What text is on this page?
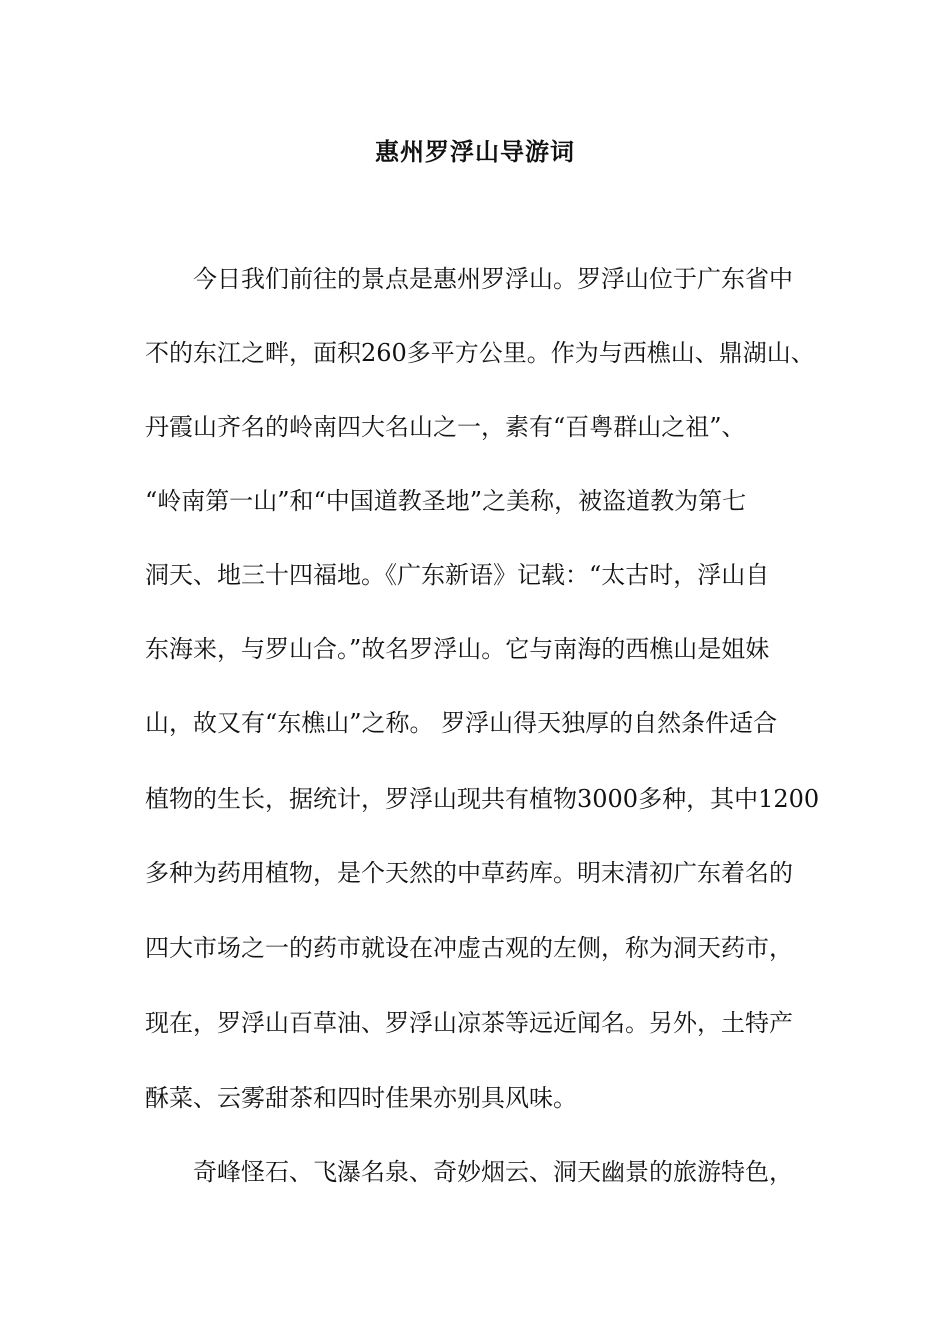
惠州罗浮山导游词

　　今日我们前往的景点是惠州罗浮山。罗浮山位于广东省中

不的东江之畔，面积260多平方公里。作为与西樵山、鼎湖山、

丹霞山齐名的岭南四大名山之一，素有“百粤群山之祖”、

“岭南第一山”和“中国道教圣地”之美称，被盗道教为第七

洞天、地三十四福地。《广东新语》记载：“太古时，浮山自

东海来，与罗山合。”故名罗浮山。它与南海的西樵山是姐妹

山，故又有“东樵山”之称。 罗浮山得天独厚的自然条件适合

植物的生长，据统计，罗浮山现共有植物3000多种，其中1200

多种为药用植物，是个天然的中草药库。明末清初广东着名的

四大市场之一的药市就设在冲虚古观的左侧，称为洞天药市，

现在，罗浮山百草油、罗浮山凉茶等远近闻名。另外，土特产

酥菜、云雾甜茶和四时佳果亦别具风味。

　　奇峰怪石、飞瀑名泉、奇妙烟云、洞天幽景的旅游特色，
